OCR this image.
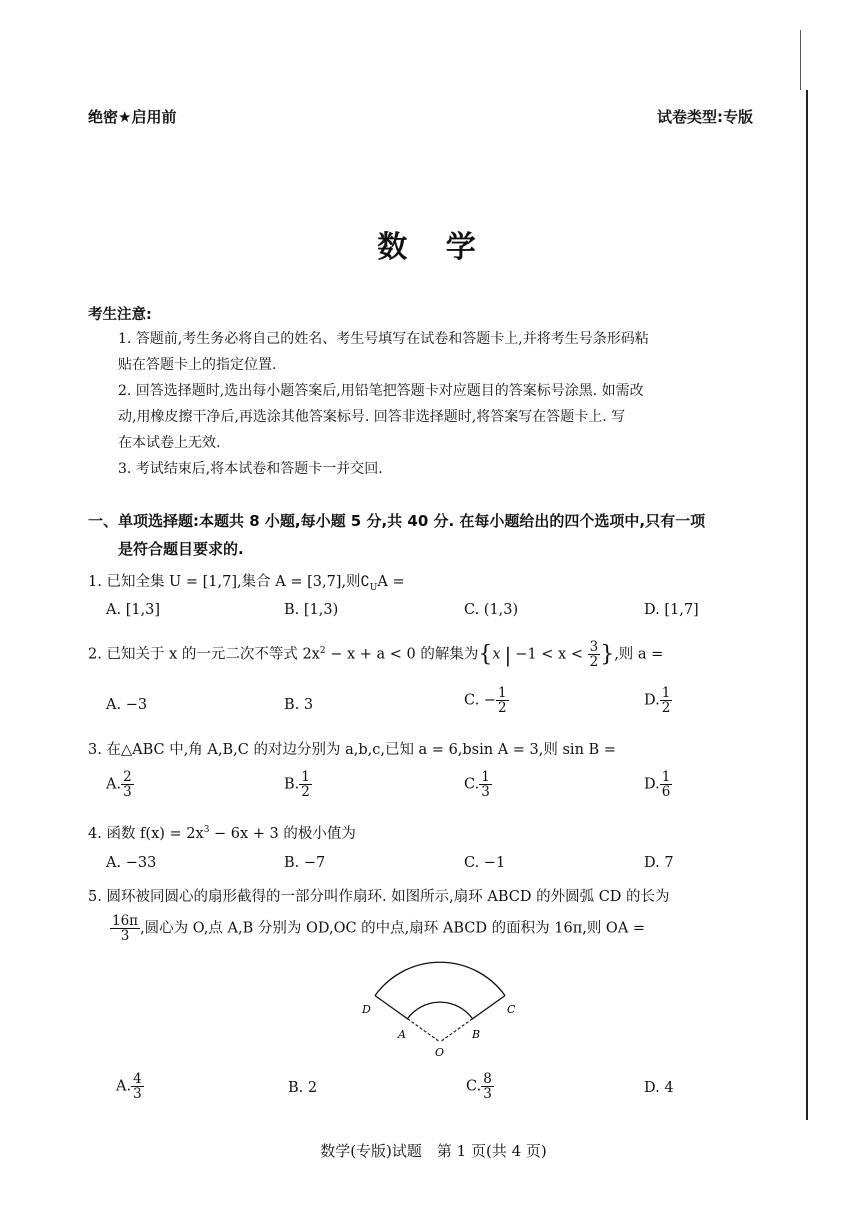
绝密★启用前	试卷类型:专版
数 学
考生注意:
1. 答题前,考生务必将自己的姓名、考生号填写在试卷和答题卡上,并将考生号条形码粘
贴在答题卡上的指定位置.
2. 回答选择题时,选出每小题答案后,用铅笔把答题卡对应题目的答案标号涂黑. 如需改
动,用橡皮擦干净后,再选涂其他答案标号. 回答非选择题时,将答案写在答题卡上. 写
在本试卷上无效.
3. 考试结束后,将本试卷和答题卡一并交回.
一、单项选择题:本题共 8 小题,每小题 5 分,共 40 分. 在每小题给出的四个选项中,只有一项
是符合题目要求的.
1. 已知全集 U = [1,7],集合 A = [3,7],则$∁_UA$ =
A. [1,3]	B. [1,3)	C. (1,3)	D. [1,7]
2. 已知关于 x 的一元二次不等式 $2x^2 - x + a < 0$ 的解集为{x | $-1 < x < \frac{3}{2}$ },则 a =
A. −3	B. 3	C. − $\frac{1}{2}$	D. $\frac{1}{2}$
3. 在△ABC 中,角 A,B,C 的对边分别为 a,b,c,已知 a = 6,bsin A = 3,则 sin B =
A. $\frac{2}{3}$	B. $\frac{1}{2}$	C. $\frac{1}{3}$	D. $\frac{1}{6}$
4. 函数 $f(x) = 2x^3 - 6x + 3$ 的极小值为
A. −33	B. −7	C. −1	D. 7
5. 圆环被同圆心的扇形截得的一部分叫作扇环. 如图所示,扇环 ABCD 的外圆弧 CD 的长为
$\frac{16\pi}{3}$ ,圆心为 O,点 A,B 分别为 OD,OC 的中点,扇环 ABCD 的面积为 16π,则 OA =
D
A	B
C
O
A. $\frac{4}{3}$	B. 2	C. $\frac{8}{3}$	D. 4
数学(专版)试题　第 1 页(共 4 页)
